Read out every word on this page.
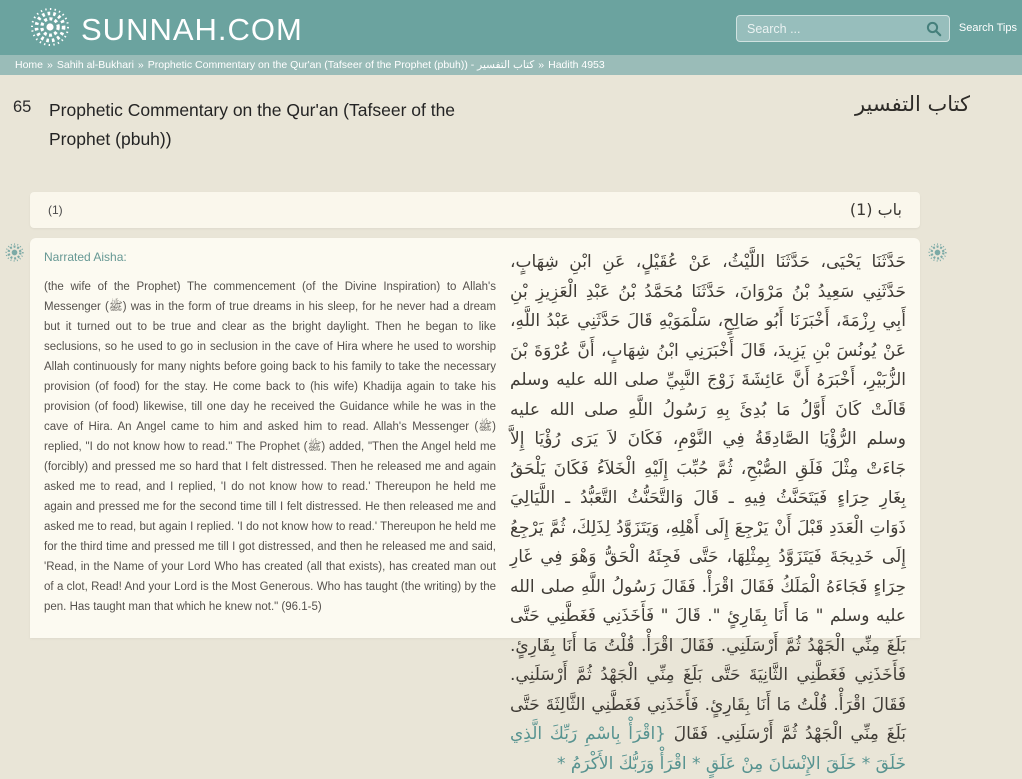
SUNNAH.COM
Search ...	Search Tips
Home » Sahih al-Bukhari » Prophetic Commentary on the Qur'an (Tafseer of the Prophet (pbuh)) - كتاب التفسير » Hadith 4953
65 Prophetic Commentary on the Qur'an (Tafseer of the Prophet (pbuh))
كتاب التفسير
(1)	باب (1)
Narrated Aisha:
(the wife of the Prophet) The commencement (of the Divine Inspiration) to Allah's Messenger (ﷺ) was in the form of true dreams in his sleep, for he never had a dream but it turned out to be true and clear as the bright daylight. Then he began to like seclusions, so he used to go in seclusion in the cave of Hira where he used to worship Allah continuously for many nights before going back to his family to take the necessary provision (of food) for the stay. He come back to (his wife) Khadija again to take his provision (of food) likewise, till one day he received the Guidance while he was in the cave of Hira. An Angel came to him and asked him to read. Allah's Messenger (ﷺ) replied, "I do not know how to read." The Prophet (ﷺ) added, "Then the Angel held me (forcibly) and pressed me so hard that I felt distressed. Then he released me and again asked me to read, and I replied, 'I do not know how to read.' Thereupon he held me again and pressed me for the second time till I felt distressed. He then released me and asked me to read, but again I replied. 'I do not know how to read.' Thereupon he held me for the third time and pressed me till I got distressed, and then he released me and said, 'Read, in the Name of your Lord Who has created (all that exists), has created man out of a clot, Read! And your Lord is the Most Generous. Who has taught (the writing) by the pen. Has taught man that which he knew not." (96.1-5)
حَدَّثَنَا يَحْيَى، حَدَّثَنَا اللَّيْثُ، عَنْ عُقَيْلٍ، عَنِ ابْنِ شِهَابٍ، حَدَّثَنِي سَعِيدُ بْنُ مَرْوَانَ، حَدَّثَنَا مُحَمَّدُ بْنُ عَبْدِ الْعَزِيزِ بْنِ أَبِي رِزْمَةَ، أَخْبَرَنَا أَبُو صَالِحٍ، سَلْمَوَيْهِ قَالَ حَدَّثَنِي عَبْدُ اللَّهِ، عَنْ يُونُسَ بْنِ يَزِيدَ، قَالَ أَخْبَرَنِي ابْنُ شِهَابٍ، أَنَّ عُرْوَةَ بْنَ الزُّبَيْرِ، أَخْبَرَهُ أَنَّ عَائِشَةَ زَوْجَ النَّبِيِّ صلى الله عليه وسلم قَالَتْ كَانَ أَوَّلُ مَا بُدِئَ بِهِ رَسُولُ اللَّهِ صلى الله عليه وسلم الرُّؤْيَا الصَّادِقَةُ فِي النَّوْمِ، فَكَانَ لاَ يَرَى رُؤْيَا إِلاَّ جَاءَتْ مِثْلَ فَلَقِ الصُّبْحِ، ثُمَّ حُبِّبَ إِلَيْهِ الْخَلاَءُ فَكَانَ يَلْحَقُ بِغَارِ حِرَاءٍ فَيَتَحَنَّثُ فِيهِ ـ قَالَ وَالتَّحَنُّثُ التَّعَبُّدُ ـ اللَّيَالِيَ ذَوَاتِ الْعَدَدِ قَبْلَ أَنْ يَرْجِعَ إِلَى أَهْلِهِ، وَيَتَزَوَّدُ لِذَلِكَ، ثُمَّ يَرْجِعُ إِلَى خَدِيجَةَ فَيَتَزَوَّدُ بِمِثْلِهَا، حَتَّى فَجِئَهُ الْحَقُّ وَهْوَ فِي غَارِ حِرَاءٍ فَجَاءَهُ الْمَلَكُ فَقَالَ اقْرَأْ. فَقَالَ رَسُولُ اللَّهِ صلى الله عليه وسلم " مَا أَنَا بِقَارِئٍ ". قَالَ " فَأَخَذَنِي فَغَطَّنِي حَتَّى بَلَغَ مِنِّي الْجَهْدُ ثُمَّ أَرْسَلَنِي. فَقَالَ اقْرَأْ. قُلْتُ مَا أَنَا بِقَارِئٍ. فَأَخَذَنِي فَغَطَّنِي الثَّانِيَةَ حَتَّى بَلَغَ مِنِّي الْجَهْدُ ثُمَّ أَرْسَلَنِي. فَقَالَ اقْرَأْ. قُلْتُ مَا أَنَا بِقَارِئٍ. فَأَخَذَنِي فَغَطَّنِي الثَّالِثَةَ حَتَّى بَلَغَ مِنِّي الْجَهْدُ ثُمَّ أَرْسَلَنِي. فَقَالَ {اقْرَأْ بِاسْمِ رَبِّكَ الَّذِي خَلَقَ * خَلَقَ الإِنْسَانَ مِنْ عَلَقٍ * اقْرَأْ وَرَبُّكَ الأَكْرَمُ *
